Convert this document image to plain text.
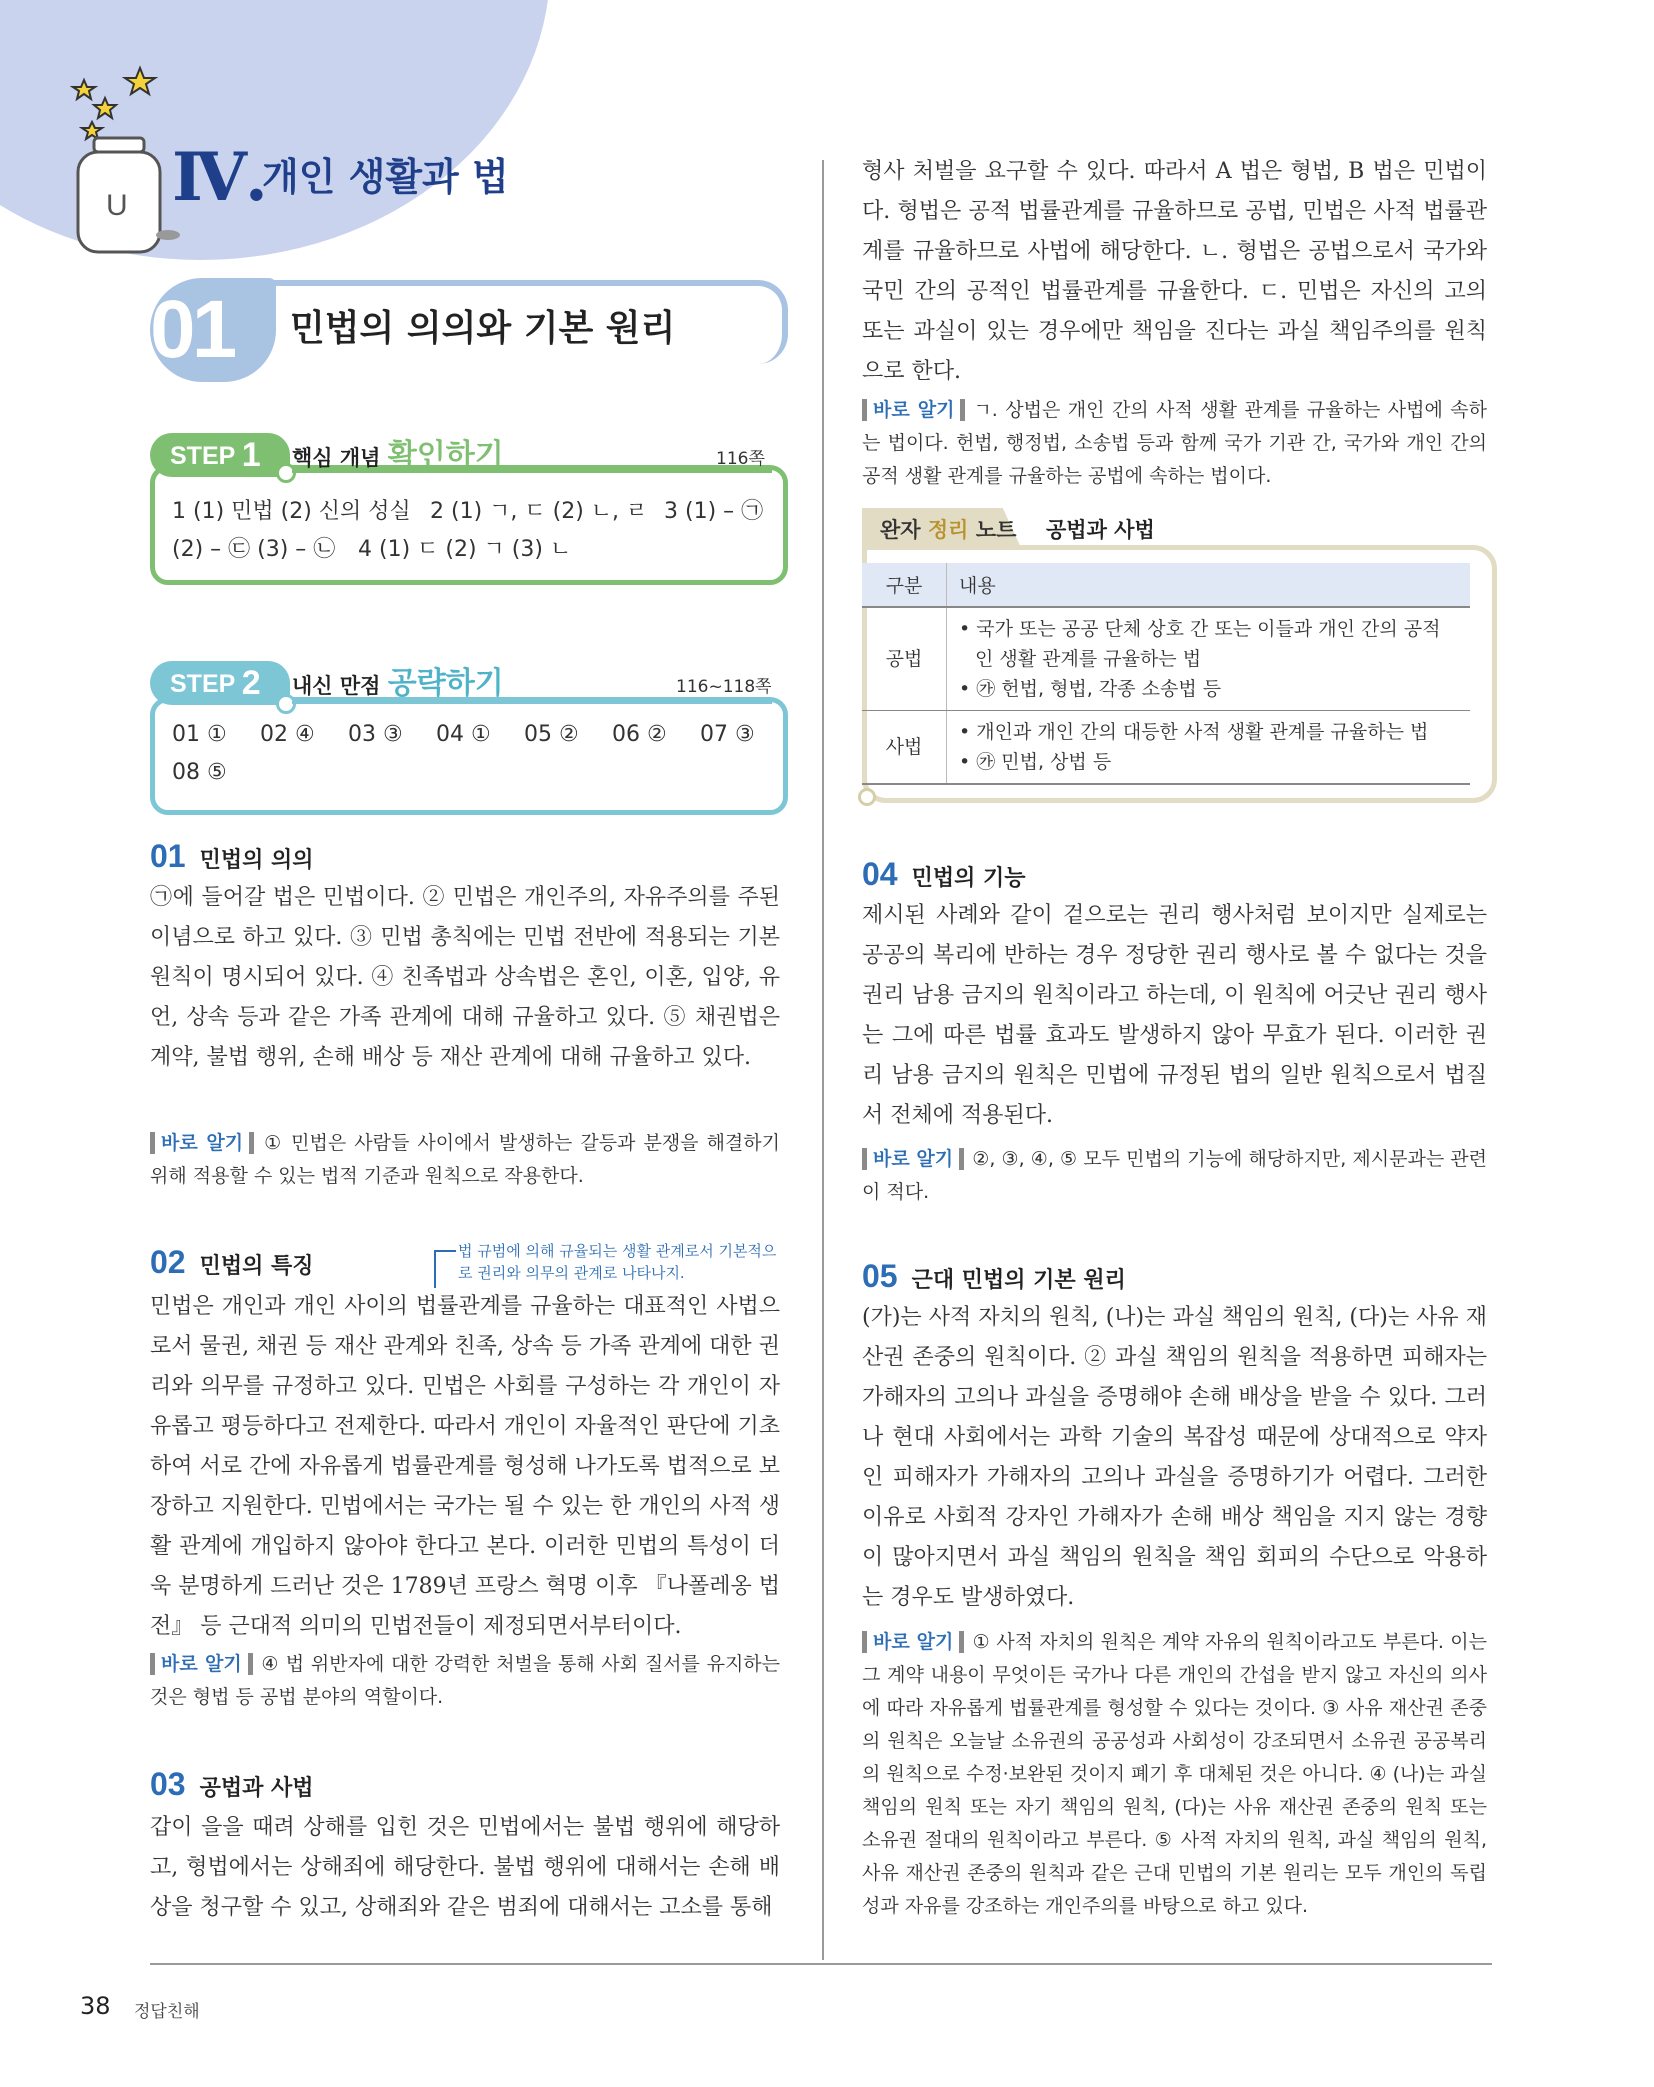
U Ⅳ.
개인 생활과 법
01 민법의 의의와 기본 원리
STEP 1	핵심 개념 확인하기	116쪽
1 (1) 민법 (2) 신의 성실 2 (1) ㄱ, ㄷ (2) ㄴ, ㄹ 3 (1) – ㉠
(2) – ㉢ (3) – ㉡ 4 (1) ㄷ (2) ㄱ (3) ㄴ
STEP 2	내신 만점 공략하기	116~118쪽
01 ① 02 ④ 03 ③ 04 ① 05 ② 06 ② 07 ③
08 ⑤
01 민법의 의의
㉠에 들어갈 법은 민법이다. ② 민법은 개인주의, 자유주의를 주된 이념으로 하고 있다. ③ 민법 총칙에는 민법 전반에 적용되는 기본 원칙이 명시되어 있다. ④ 친족법과 상속법은 혼인, 이혼, 입양, 유언, 상속 등과 같은 가족 관계에 대해 규율하고 있다. ⑤ 채권법은 계약, 불법 행위, 손해 배상 등 재산 관계에 대해 규율하고 있다.
바로 알기 ① 민법은 사람들 사이에서 발생하는 갈등과 분쟁을 해결하기 위해 적용할 수 있는 법적 기준과 원칙으로 작용한다.
02 민법의 특징
법 규범에 의해 규율되는 생활 관계로서 기본적으로 권리와 의무의 관계로 나타나지.
민법은 개인과 개인 사이의 법률관계를 규율하는 대표적인 사법으로서 물권, 채권 등 재산 관계와 친족, 상속 등 가족 관계에 대한 권리와 의무를 규정하고 있다. 민법은 사회를 구성하는 각 개인이 자유롭고 평등하다고 전제한다. 따라서 개인이 자율적인 판단에 기초하여 서로 간에 자유롭게 법률관계를 형성해 나가도록 법적으로 보장하고 지원한다. 민법에서는 국가는 될 수 있는 한 개인의 사적 생활 관계에 개입하지 않아야 한다고 본다. 이러한 민법의 특성이 더욱 분명하게 드러난 것은 1789년 프랑스 혁명 이후 『나폴레옹 법전』 등 근대적 의미의 민법전들이 제정되면서부터이다.
바로 알기 ④ 법 위반자에 대한 강력한 처벌을 통해 사회 질서를 유지하는 것은 형법 등 공법 분야의 역할이다.
03 공법과 사법
갑이 을을 때려 상해를 입힌 것은 민법에서는 불법 행위에 해당하고, 형법에서는 상해죄에 해당한다. 불법 행위에 대해서는 손해 배상을 청구할 수 있고, 상해죄와 같은 범죄에 대해서는 고소를 통해
형사 처벌을 요구할 수 있다. 따라서 A 법은 형법, B 법은 민법이다. 형법은 공적 법률관계를 규율하므로 공법, 민법은 사적 법률관계를 규율하므로 사법에 해당한다. ㄴ. 형법은 공법으로서 국가와 국민 간의 공적인 법률관계를 규율한다. ㄷ. 민법은 자신의 고의 또는 과실이 있는 경우에만 책임을 진다는 과실 책임주의를 원칙으로 한다.
바로 알기 ㄱ. 상법은 개인 간의 사적 생활 관계를 규율하는 사법에 속하는 법이다. 헌법, 행정법, 소송법 등과 함께 국가 기관 간, 국가와 개인 간의 공적 생활 관계를 규율하는 공법에 속하는 법이다.
완자 정리 노트 공법과 사법
구분	내용
공법	• 국가 또는 공공 단체 상호 간 또는 이들과 개인 간의 공적인 생활 관계를 규율하는 법
• ㉮ 헌법, 형법, 각종 소송법 등

사법	• 개인과 개인 간의 대등한 사적 생활 관계를 규율하는 법
• ㉮ 민법, 상법 등
04 민법의 기능
제시된 사례와 같이 겉으로는 권리 행사처럼 보이지만 실제로는 공공의 복리에 반하는 경우 정당한 권리 행사로 볼 수 없다는 것을 권리 남용 금지의 원칙이라고 하는데, 이 원칙에 어긋난 권리 행사는 그에 따른 법률 효과도 발생하지 않아 무효가 된다. 이러한 권리 남용 금지의 원칙은 민법에 규정된 법의 일반 원칙으로서 법질서 전체에 적용된다.
바로 알기 ②, ③, ④, ⑤ 모두 민법의 기능에 해당하지만, 제시문과는 관련이 적다.
05 근대 민법의 기본 원리
(가)는 사적 자치의 원칙, (나)는 과실 책임의 원칙, (다)는 사유 재산권 존중의 원칙이다. ② 과실 책임의 원칙을 적용하면 피해자는 가해자의 고의나 과실을 증명해야 손해 배상을 받을 수 있다. 그러나 현대 사회에서는 과학 기술의 복잡성 때문에 상대적으로 약자인 피해자가 가해자의 고의나 과실을 증명하기가 어렵다. 그러한 이유로 사회적 강자인 가해자가 손해 배상 책임을 지지 않는 경향이 많아지면서 과실 책임의 원칙을 책임 회피의 수단으로 악용하는 경우도 발생하였다.
바로 알기 ① 사적 자치의 원칙은 계약 자유의 원칙이라고도 부른다. 이는 그 계약 내용이 무엇이든 국가나 다른 개인의 간섭을 받지 않고 자신의 의사에 따라 자유롭게 법률관계를 형성할 수 있다는 것이다. ③ 사유 재산권 존중의 원칙은 오늘날 소유권의 공공성과 사회성이 강조되면서 소유권 공공복리의 원칙으로 수정·보완된 것이지 폐기 후 대체된 것은 아니다. ④ (나)는 과실 책임의 원칙 또는 자기 책임의 원칙, (다)는 사유 재산권 존중의 원칙 또는 소유권 절대의 원칙이라고 부른다. ⑤ 사적 자치의 원칙, 과실 책임의 원칙, 사유 재산권 존중의 원칙과 같은 근대 민법의 기본 원리는 모두 개인의 독립성과 자유를 강조하는 개인주의를 바탕으로 하고 있다.
38 정답친해
